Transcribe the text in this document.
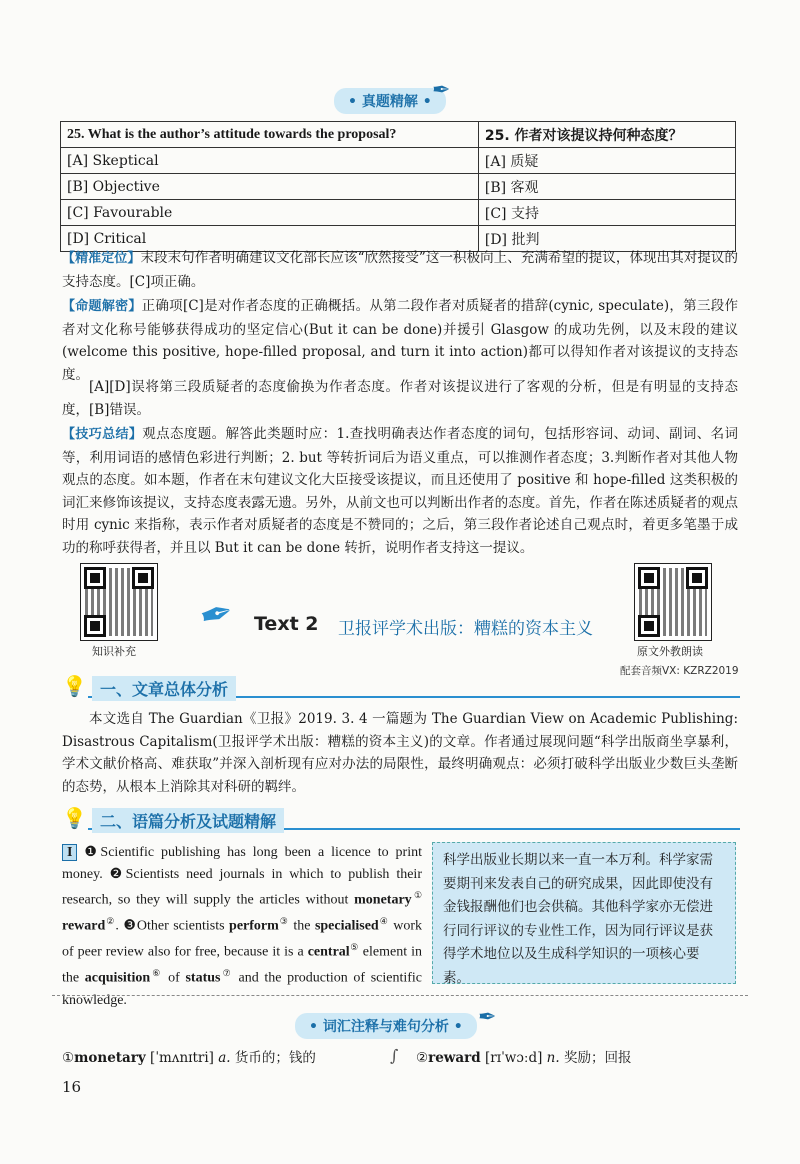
• 真题精解 • ✒
25. What is the author’s attitude towards the proposal?	25. 作者对该提议持何种态度？
[A] Skeptical	[A] 质疑
[B] Objective	[B] 客观
[C] Favourable	[C] 支持
[D] Critical	[D] 批判
【精准定位】末段末句作者明确建议文化部长应该“欣然接受”这一积极向上、充满希望的提议，体现出其对提议的支持态度。[C]项正确。
【命题解密】正确项[C]是对作者态度的正确概括。从第二段作者对质疑者的措辞(cynic, speculate)，第三段作者对文化称号能够获得成功的坚定信心(But it can be done)并援引 Glasgow 的成功先例，以及末段的建议(welcome this positive, hope-filled proposal, and turn it into action)都可以得知作者对该提议的支持态度。
[A][D]误将第三段质疑者的态度偷换为作者态度。作者对该提议进行了客观的分析，但是有明显的支持态度，[B]错误。
【技巧总结】观点态度题。解答此类题时应：1.查找明确表达作者态度的词句，包括形容词、动词、副词、名词等，利用词语的感情色彩进行判断；2. but 等转折词后为语义重点，可以推测作者态度；3.判断作者对其他人物观点的态度。如本题，作者在末句建议文化大臣接受该提议，而且还使用了 positive 和 hope-filled 这类积极的词汇来修饰该提议，支持态度表露无遗。另外，从前文也可以判断出作者的态度。首先，作者在陈述质疑者的观点时用 cynic 来指称，表示作者对质疑者的态度是不赞同的；之后，第三段作者论述自己观点时，着更多笔墨于成功的称呼获得者，并且以 But it can be done 转折，说明作者支持这一提议。
知识补充
✒ Text 2 卫报评学术出版：糟糕的资本主义
原文外教朗读
配套音频VX: KZRZ2019
💡 一、文章总体分析
本文选自 The Guardian《卫报》2019. 3. 4 一篇题为 The Guardian View on Academic Publishing: Disastrous Capitalism(卫报评学术出版：糟糕的资本主义)的文章。作者通过展现问题“科学出版商坐享暴利，学术文献价格高、难获取”并深入剖析现有应对办法的局限性，最终明确观点：必须打破科学出版业少数巨头垄断的态势，从根本上消除其对科研的羁绊。
💡 二、语篇分析及试题精解
I ❶Scientific publishing has long been a licence to print money. ❷Scientists need journals in which to publish their research, so they will supply the articles without monetary① reward②. ❸Other scientists perform③ the specialised④ work of peer review also for free, because it is a central⑤ element in the acquisition⑥ of status⑦ and the production of scientific knowledge.
科学出版业长期以来一直一本万利。科学家需要期刊来发表自己的研究成果，因此即使没有金钱报酬他们也会供稿。其他科学家亦无偿进行同行评议的专业性工作，因为同行评议是获得学术地位以及生成科学知识的一项核心要素。
• 词汇注释与难句分析 • ✒
①monetary [ˈmʌnɪtri] a. 货币的；钱的	∫ ②reward [rɪˈwɔːd] n. 奖励；回报
16
